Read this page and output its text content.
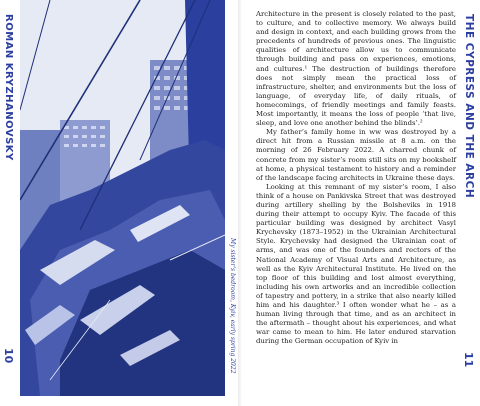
ROMAN KRYZHANOVSKY
My sister's bedroom, Kyiv, early spring 2022
10

Architecture in the present is closely related to the past, to culture, and to collective memory. We always build and design in context, and each building grows from the precedents of hundreds of previous ones. The linguistic qualities of architecture allow us to communicate through building and pass on experiences, emotions, and cultures.¹ The destruction of buildings therefore does not simply mean the practical loss of infrastructure, shelter, and environments but the loss of language, of everyday life, of daily rituals, of homecomings, of friendly meetings and family feasts. Most importantly, it means the loss of people ‘that live, sleep, and love one another behind the blinds’.²

My father’s family home in ww was destroyed by a direct hit from a Russian missile at 8 a.m. on the morning of 26 February 2022. A charred chunk of concrete from my sister’s room still sits on my bookshelf at home, a physical testament to history and a reminder of the landscape facing architects in Ukraine these days.

Looking at this remnant of my sister’s room, I also think of a house on Pankivska Street that was destroyed during artillery shelling by the Bolsheviks in 1918 during their attempt to occupy Kyiv. The facade of this particular building was designed by architect Vasyl Krychevsky (1873–1952) in the Ukrainian Architectural Style. Krychevsky had designed the Ukrainian coat of arms, and was one of the founders and rectors of the National Academy of Visual Arts and Architecture, as well as the Kyiv Architectural Institute. He lived on the top floor of this building and lost almost everything, including his own artworks and an incredible collection of tapestry and pottery, in a strike that also nearly killed him and his daughter.³ I often wonder what he – as a human living through that time, and as an architect in the aftermath – thought about his experiences, and what war came to mean to him. He later endured starvation during the German occupation of Kyiv in

THE CYPRESS AND THE ARCH
11
